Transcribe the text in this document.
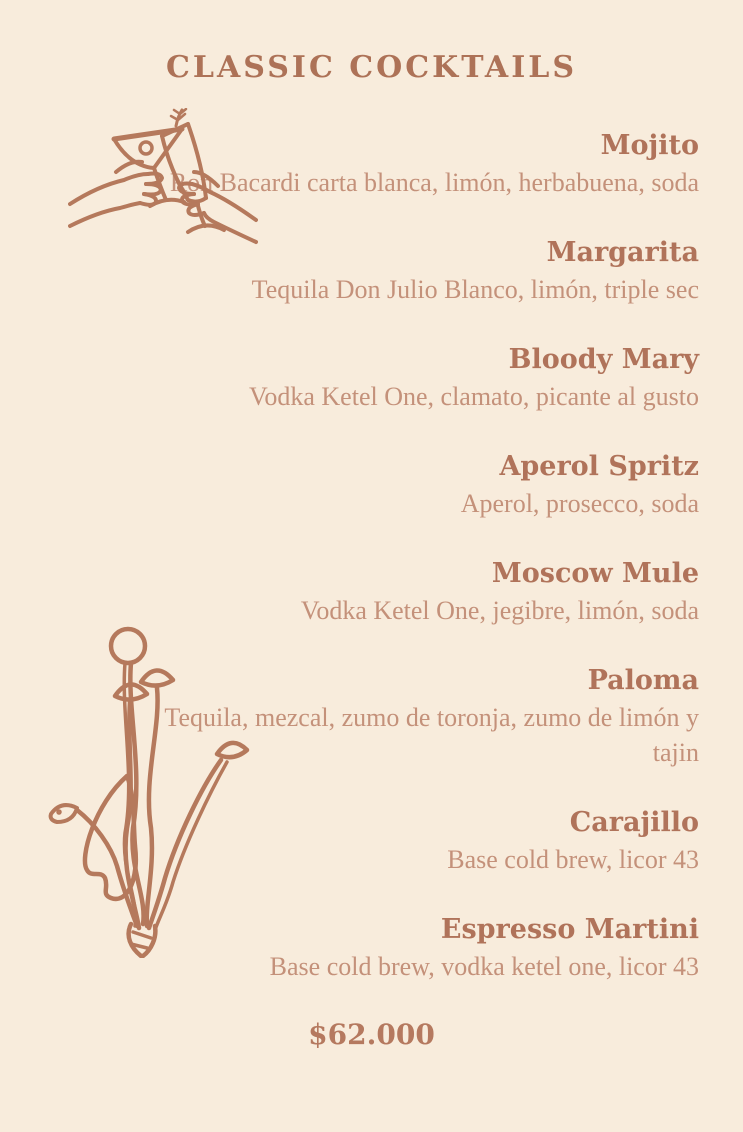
CLASSIC COCKTAILS
Mojito
Ron Bacardi carta blanca, limón, herbabuena, soda
Margarita
Tequila Don Julio Blanco, limón, triple sec
Bloody Mary
Vodka Ketel One, clamato, picante al gusto
Aperol Spritz
Aperol, prosecco, soda
Moscow Mule
Vodka Ketel One, jegibre, limón, soda
Paloma
Tequila, mezcal, zumo de toronja, zumo de limón y tajin
Carajillo
Base cold brew, licor 43
Espresso Martini
Base cold brew, vodka ketel one, licor 43
$62.000
